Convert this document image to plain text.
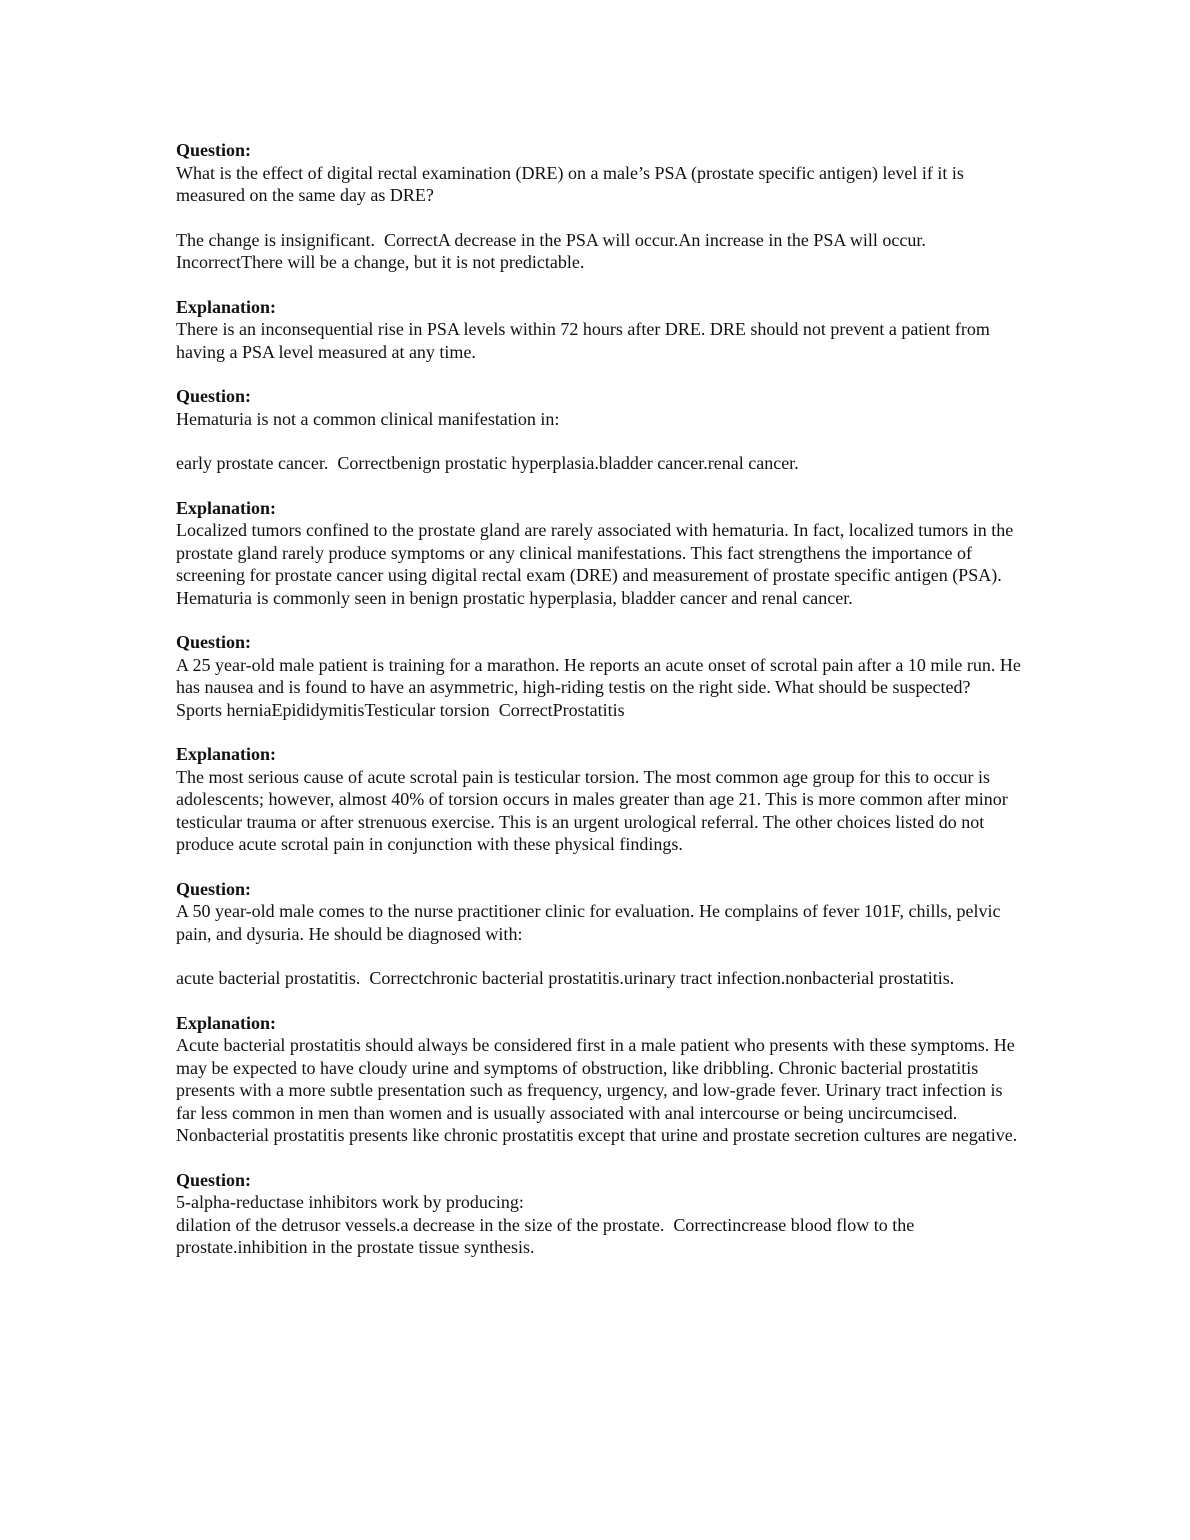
Question:

What is the effect of digital rectal examination (DRE) on a male’s PSA (prostate specific antigen) level if it is measured on the same day as DRE?

The change is insignificant.  CorrectA decrease in the PSA will occur.An increase in the PSA will occur.  IncorrectThere will be a change, but it is not predictable.

Explanation:

There is an inconsequential rise in PSA levels within 72 hours after DRE. DRE should not prevent a patient from having a PSA level measured at any time.

Question:

Hematuria is not a common clinical manifestation in:

early prostate cancer.  Correctbenign prostatic hyperplasia.bladder cancer.renal cancer.

Explanation:

Localized tumors confined to the prostate gland are rarely associated with hematuria. In fact, localized tumors in the prostate gland rarely produce symptoms or any clinical manifestations. This fact strengthens the importance of screening for prostate cancer using digital rectal exam (DRE) and measurement of prostate specific antigen (PSA). Hematuria is commonly seen in benign prostatic hyperplasia, bladder cancer and renal cancer.

Question:

A 25 year-old male patient is training for a marathon. He reports an acute onset of scrotal pain after a 10 mile run. He has nausea and is found to have an asymmetric, high-riding testis on the right side. What should be suspected?

Sports herniaEpididymitisTesticular torsion  CorrectProstatitis

Explanation:

The most serious cause of acute scrotal pain is testicular torsion. The most common age group for this to occur is adolescents; however, almost 40% of torsion occurs in males greater than age 21. This is more common after minor testicular trauma or after strenuous exercise. This is an urgent urological referral. The other choices listed do not produce acute scrotal pain in conjunction with these physical findings.

Question:

A 50 year-old male comes to the nurse practitioner clinic for evaluation. He complains of fever 101F, chills, pelvic pain, and dysuria. He should be diagnosed with:

acute bacterial prostatitis.  Correctchronic bacterial prostatitis.urinary tract infection.nonbacterial prostatitis.

Explanation:

Acute bacterial prostatitis should always be considered first in a male patient who presents with these symptoms. He may be expected to have cloudy urine and symptoms of obstruction, like dribbling. Chronic bacterial prostatitis presents with a more subtle presentation such as frequency, urgency, and low-grade fever. Urinary tract infection is far less common in men than women and is usually associated with anal intercourse or being uncircumcised. Nonbacterial prostatitis presents like chronic prostatitis except that urine and prostate secretion cultures are negative.

Question:

5-alpha-reductase inhibitors work by producing:

dilation of the detrusor vessels.a decrease in the size of the prostate.  Correctincrease blood flow to the prostate.inhibition in the prostate tissue synthesis.
